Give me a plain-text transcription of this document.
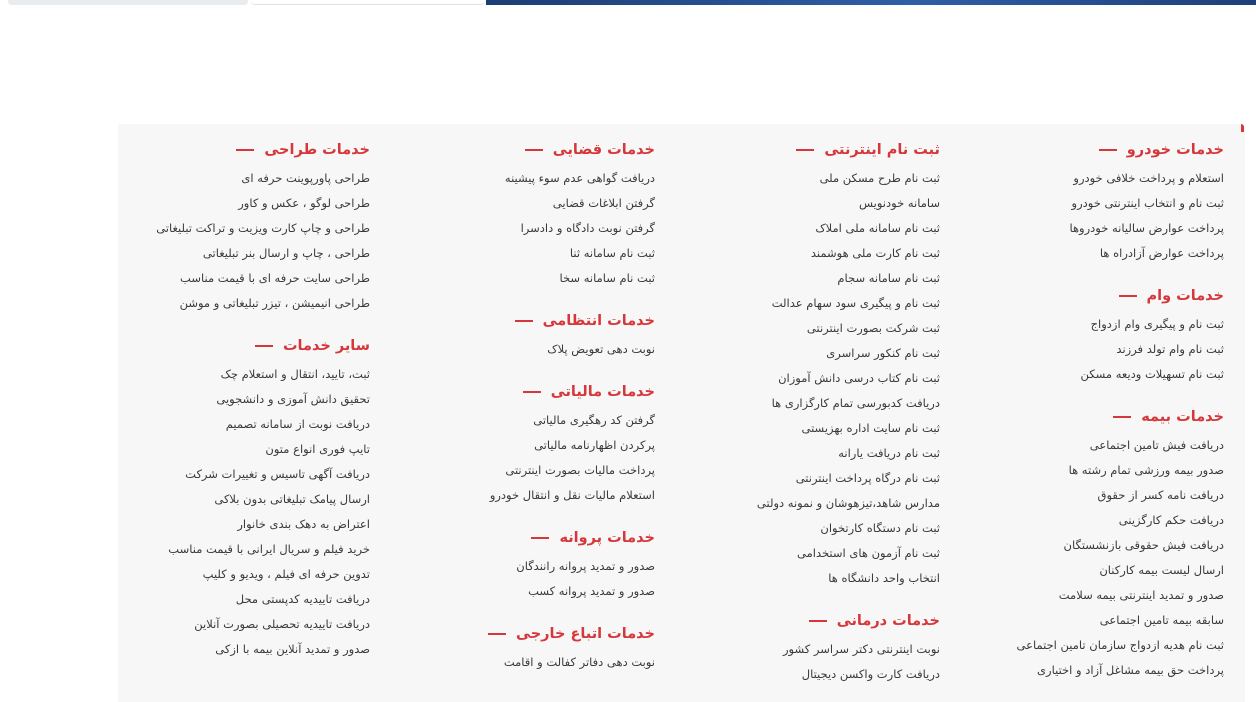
خدمات خودرو
استعلام و پرداخت خلافی خودرو
ثبت نام و انتخاب اینترنتی خودرو
پرداخت عوارض سالیانه خودروها
پرداخت عوارض آزادراه ها
خدمات وام
ثبت نام و پیگیری وام ازدواج
ثبت نام وام تولد فرزند
ثبت نام تسهیلات ودیعه مسکن
خدمات بیمه
دریافت فیش تامین اجتماعی
صدور بیمه ورزشی تمام رشته ها
دریافت نامه کسر از حقوق
دریافت حکم کارگزینی
دریافت فیش حقوقی بازنشستگان
ارسال لیست بیمه کارکنان
صدور و تمدید اینترنتی بیمه سلامت
سابقه بیمه تامین اجتماعی
ثبت نام هدیه ازدواج سازمان تامین اجتماعی
پرداخت حق بیمه مشاغل آزاد و اختیاری
ثبت نام اینترنتی
ثبت نام طرح مسکن ملی
سامانه خودنویس
ثبت نام سامانه ملی املاک
ثبت نام کارت ملی هوشمند
ثبت نام سامانه سجام
ثبت نام و پیگیری سود سهام عدالت
ثبت شرکت بصورت اینترنتی
ثبت نام کنکور سراسری
ثبت نام کتاب درسی دانش آموزان
دریافت کدبورسی تمام کارگزاری ها
ثبت نام سایت اداره بهزیستی
ثبت نام دریافت یارانه
ثبت نام درگاه پرداخت اینترنتی
مدارس شاهد،تیزهوشان و نمونه دولتی
ثبت نام دستگاه کارتخوان
ثبت نام آزمون های استخدامی
انتخاب واحد دانشگاه ها
خدمات درمانی
نوبت اینترنتی دکتر سراسر کشور
دریافت کارت واکسن دیجیتال
خدمات قضایی
دریافت گواهی عدم سوء پیشینه
گرفتن ابلاغات قضایی
گرفتن نوبت دادگاه و دادسرا
ثبت نام سامانه ثنا
ثبت نام سامانه سخا
خدمات انتظامی
نوبت دهی تعویض پلاک
خدمات مالیاتی
گرفتن کد رهگیری مالیاتی
پرکردن اظهارنامه مالیاتی
پرداخت مالیات بصورت اینترنتی
استعلام مالیات نقل و انتقال خودرو
خدمات پروانه
صدور و تمدید پروانه رانندگان
صدور و تمدید پروانه کسب
خدمات اتباع خارجی
نوبت دهی دفاتر کفالت و اقامت
خدمات طراحی
طراحی پاورپوینت حرفه ای
طراحی لوگو ، عکس و کاور
طراحی و چاپ کارت ویزیت و تراکت تبلیغاتی
طراحی ، چاپ و ارسال بنر تبلیغاتی
طراحی سایت حرفه ای با قیمت مناسب
طراحی انیمیشن ، تیزر تبلیغاتی و موشن
سایر خدمات
ثبت، تایید، انتقال و استعلام چک
تحقیق دانش آموزی و دانشجویی
دریافت نوبت از سامانه تصمیم
تایپ فوری انواع متون
دریافت آگهی تاسیس و تغییرات شرکت
ارسال پیامک تبلیغاتی بدون بلاکی
اعتراض به دهک بندی خانوار
خرید فیلم و سریال ایرانی با قیمت مناسب
تدوین حرفه ای فیلم ، ویدیو و کلیپ
دریافت تاییدیه کدپستی محل
دریافت تاییدیه تحصیلی بصورت آنلاین
صدور و تمدید آنلاین بیمه با ازکی
